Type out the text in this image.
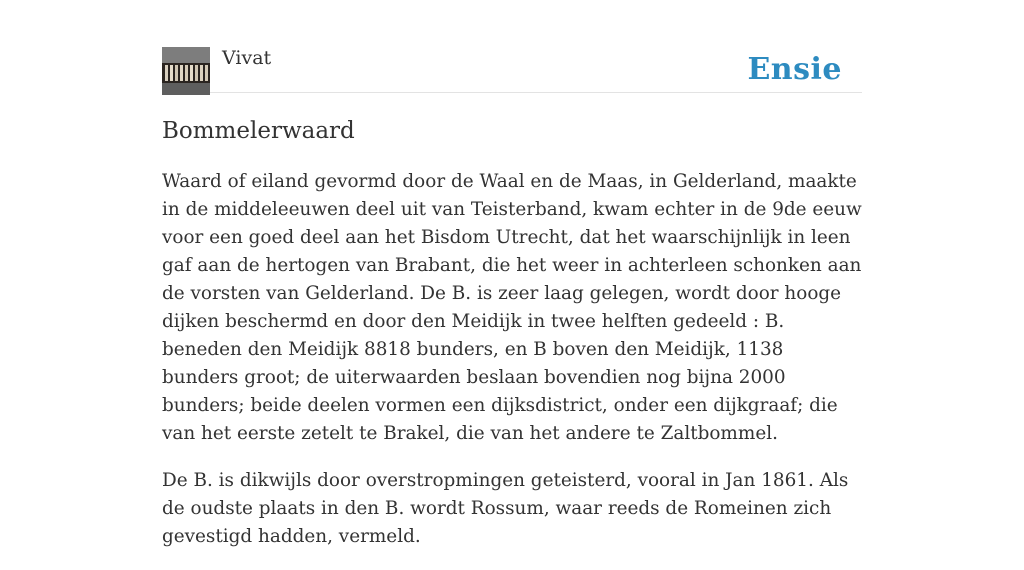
Vivat	Ensie
Bommelerwaard

Waard of eiland gevormd door de Waal en de Maas, in Gelderland, maakte in de middeleeuwen deel uit van Teisterband, kwam echter in de 9de eeuw voor een goed deel aan het Bisdom Utrecht, dat het waarschijnlijk in leen gaf aan de hertogen van Brabant, die het weer in achterleen schonken aan de vorsten van Gelderland. De B. is zeer laag gelegen, wordt door hooge dijken beschermd en door den Meidijk in twee helften gedeeld : B. beneden den Meidijk 8818 bunders, en B boven den Meidijk, 1138 bunders groot; de uiterwaarden beslaan bovendien nog bijna 2000 bunders; beide deelen vormen een dijksdistrict, onder een dijkgraaf; die van het eerste zetelt te Brakel, die van het andere te Zaltbommel.

De B. is dikwijls door overstropmingen geteisterd, vooral in Jan 1861. Als de oudste plaats in den B. wordt Rossum, waar reeds de Romeinen zich gevestigd hadden, vermeld.
